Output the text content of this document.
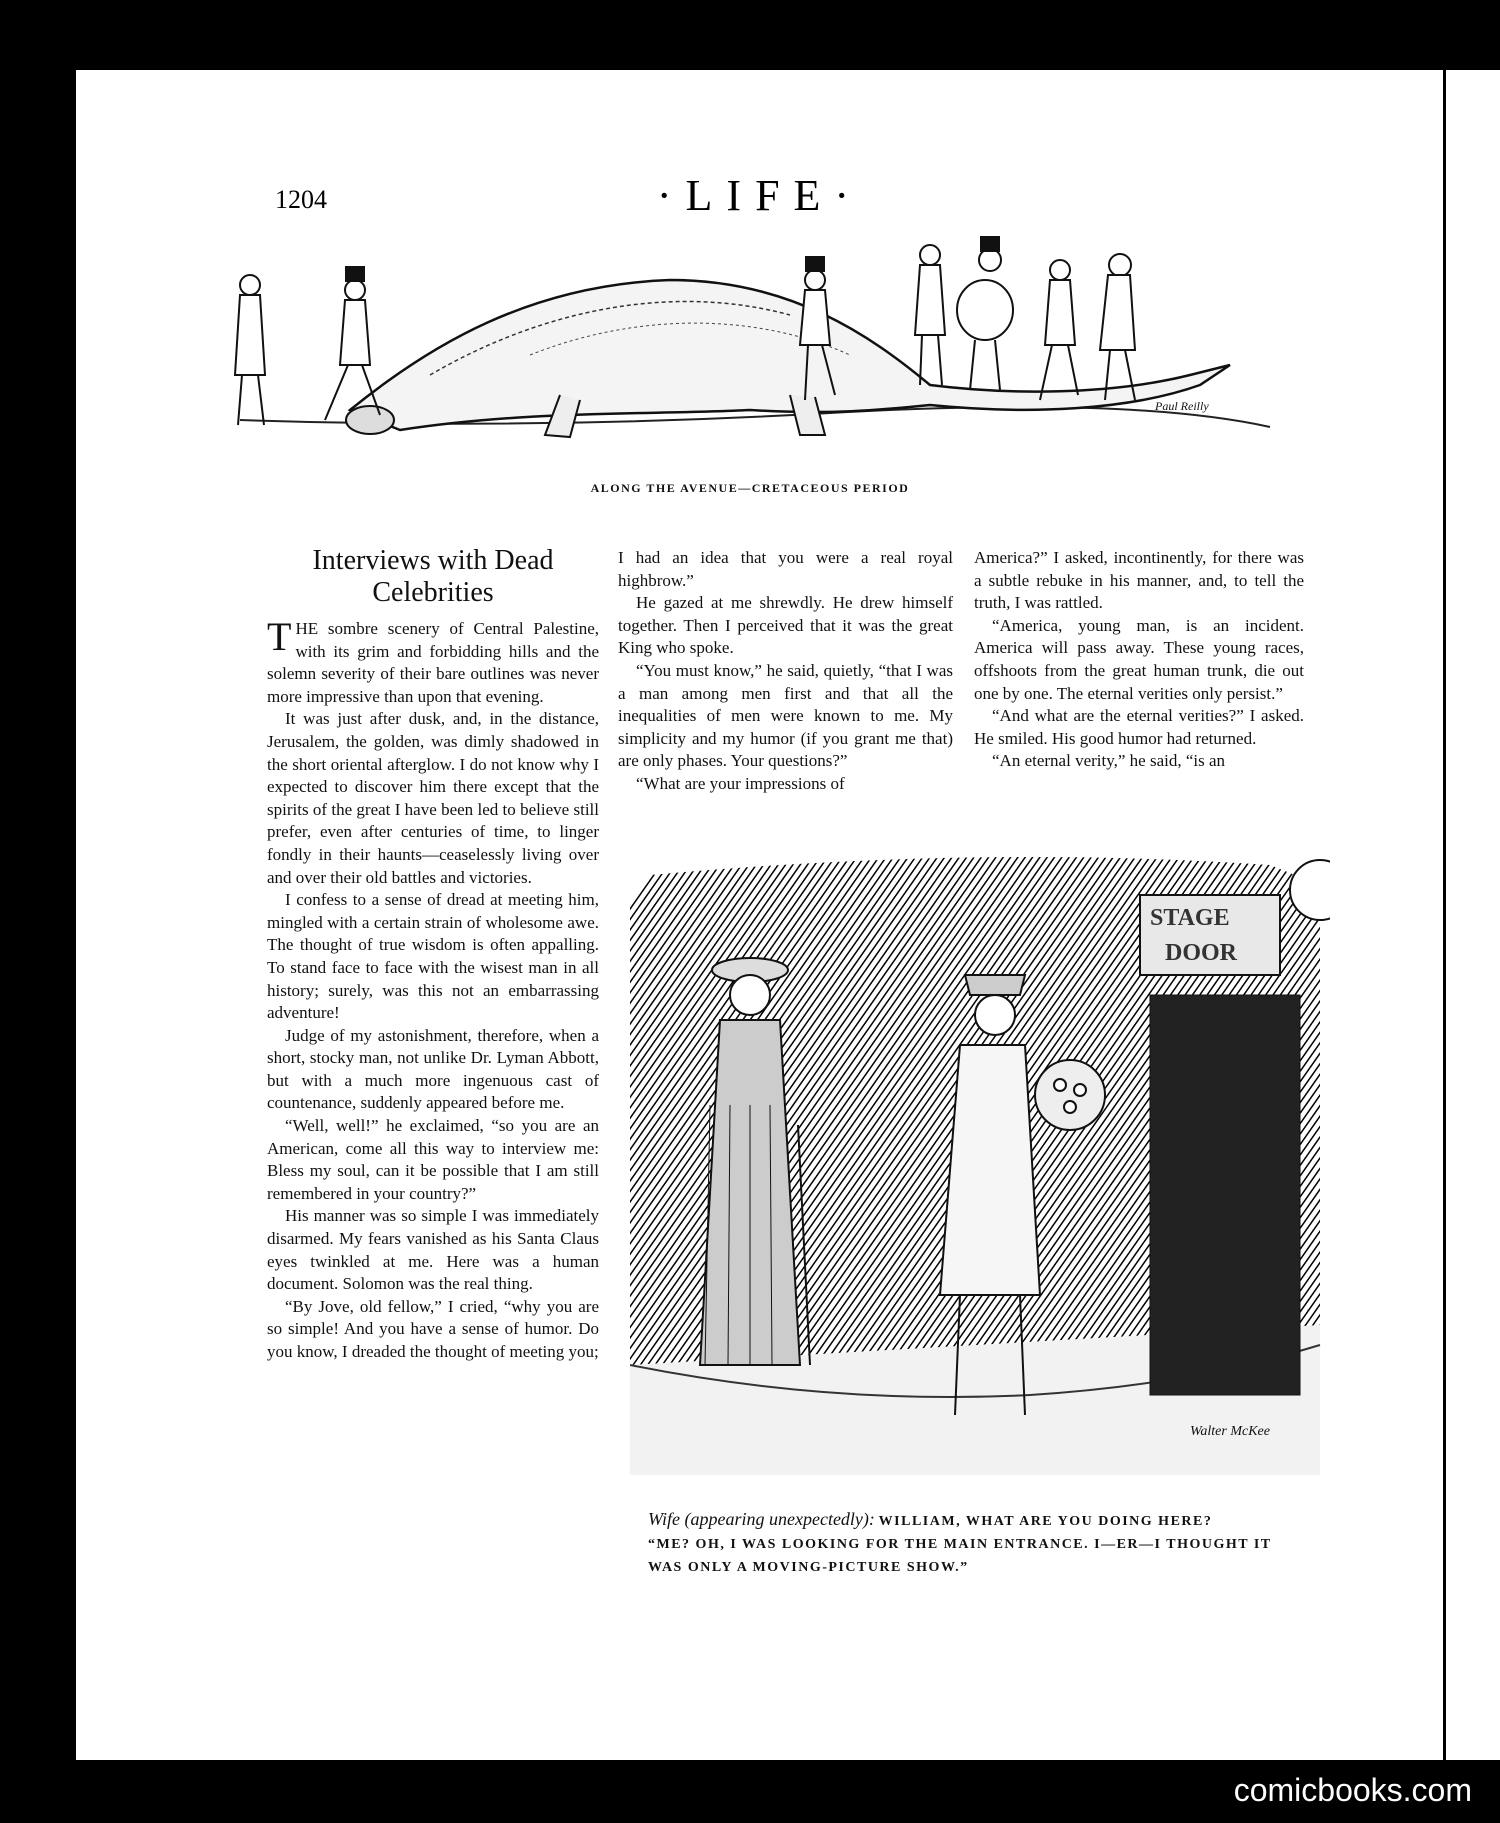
1204	·LIFE·
Paul Reilly
ALONG THE AVENUE—CRETACEOUS PERIOD
Interviews with Dead Celebrities

THE sombre scenery of Central Palestine, with its grim and forbidding hills and the solemn severity of their bare outlines was never more impressive than upon that evening.

It was just after dusk, and, in the distance, Jerusalem, the golden, was dimly shadowed in the short oriental afterglow. I do not know why I expected to discover him there except that the spirits of the great I have been led to believe still prefer, even after centuries of time, to linger fondly in their haunts—ceaselessly living over and over their old battles and victories.

I confess to a sense of dread at meeting him, mingled with a certain strain of wholesome awe. The thought of true wisdom is often appalling. To stand face to face with the wisest man in all history; surely, was this not an embarrassing adventure!

Judge of my astonishment, therefore, when a short, stocky man, not unlike Dr. Lyman Abbott, but with a much more ingenuous cast of countenance, suddenly appeared before me.

“Well, well!” he exclaimed, “so you are an American, come all this way to interview me: Bless my soul, can it be possible that I am still remembered in your country?”

His manner was so simple I was immediately disarmed. My fears vanished as his Santa Claus eyes twinkled at me. Here was a human document. Solomon was the real thing.

“By Jove, old fellow,” I cried, “why you are so simple! And you have a sense of humor. Do you know, I dreaded the thought of meeting you;

I had an idea that you were a real royal highbrow.”

He gazed at me shrewdly. He drew himself together. Then I perceived that it was the great King who spoke.

“You must know,” he said, quietly, “that I was a man among men first and that all the inequalities of men were known to me. My simplicity and my humor (if you grant me that) are only phases. Your questions?”

“What are your impressions of

America?” I asked, incontinently, for there was a subtle rebuke in his manner, and, to tell the truth, I was rattled.

“America, young man, is an incident. America will pass away. These young races, offshoots from the great human trunk, die out one by one. The eternal verities only persist.”

“And what are the eternal verities?” I asked. He smiled. His good humor had returned.

“An eternal verity,” he said, “is an

STAGE
DOOR
Walter McKee
Wife (appearing unexpectedly): WILLIAM, WHAT ARE YOU DOING HERE?
“ME? OH, I WAS LOOKING FOR THE MAIN ENTRANCE. I—ER—I THOUGHT IT WAS ONLY A MOVING-PICTURE SHOW.”
comicbooks.com
